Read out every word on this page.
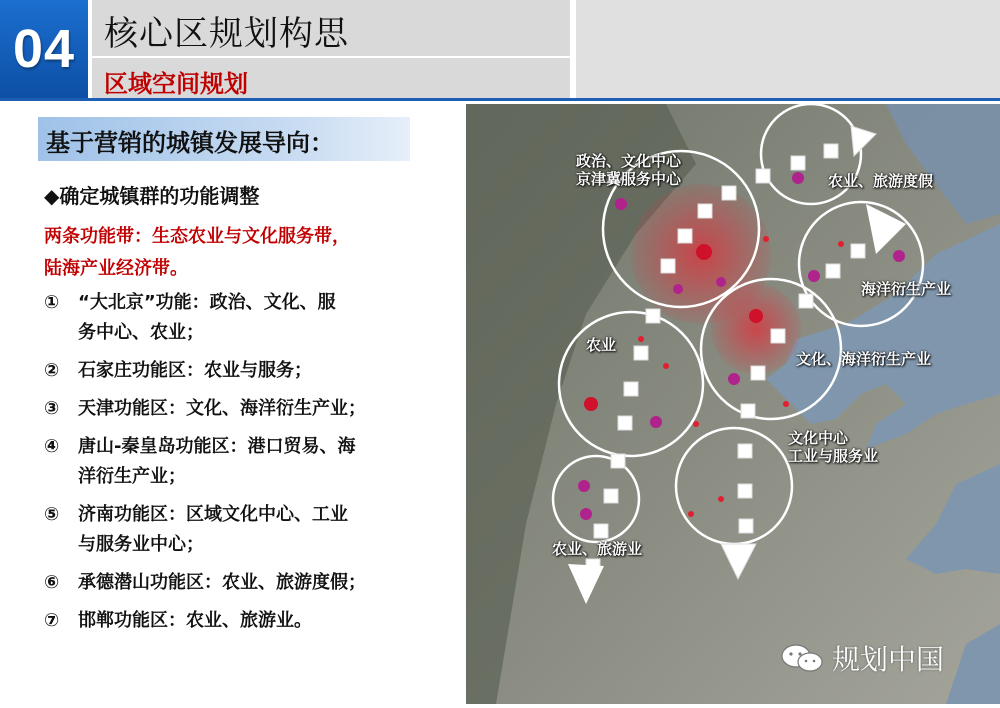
04 核心区规划构思
区域空间规划
基于营销的城镇发展导向：
◆确定城镇群的功能调整
两条功能带：生态农业与文化服务带，
陆海产业经济带。
① “大北京”功能：政治、文化、服
务中心、农业；
② 石家庄功能区：农业与服务；
③ 天津功能区：文化、海洋衍生产业；
④ 唐山-秦皇岛功能区：港口贸易、海
洋衍生产业；
⑤ 济南功能区：区域文化中心、工业
与服务业中心；
⑥ 承德潜山功能区：农业、旅游度假；
⑦ 邯郸功能区：农业、旅游业。
政治、文化中心
京津冀服务中心	农业、旅游度假
海洋衍生产业
文化、海洋衍生产业
农业
文化中心
工业与服务业
农业、旅游业
规划中国
